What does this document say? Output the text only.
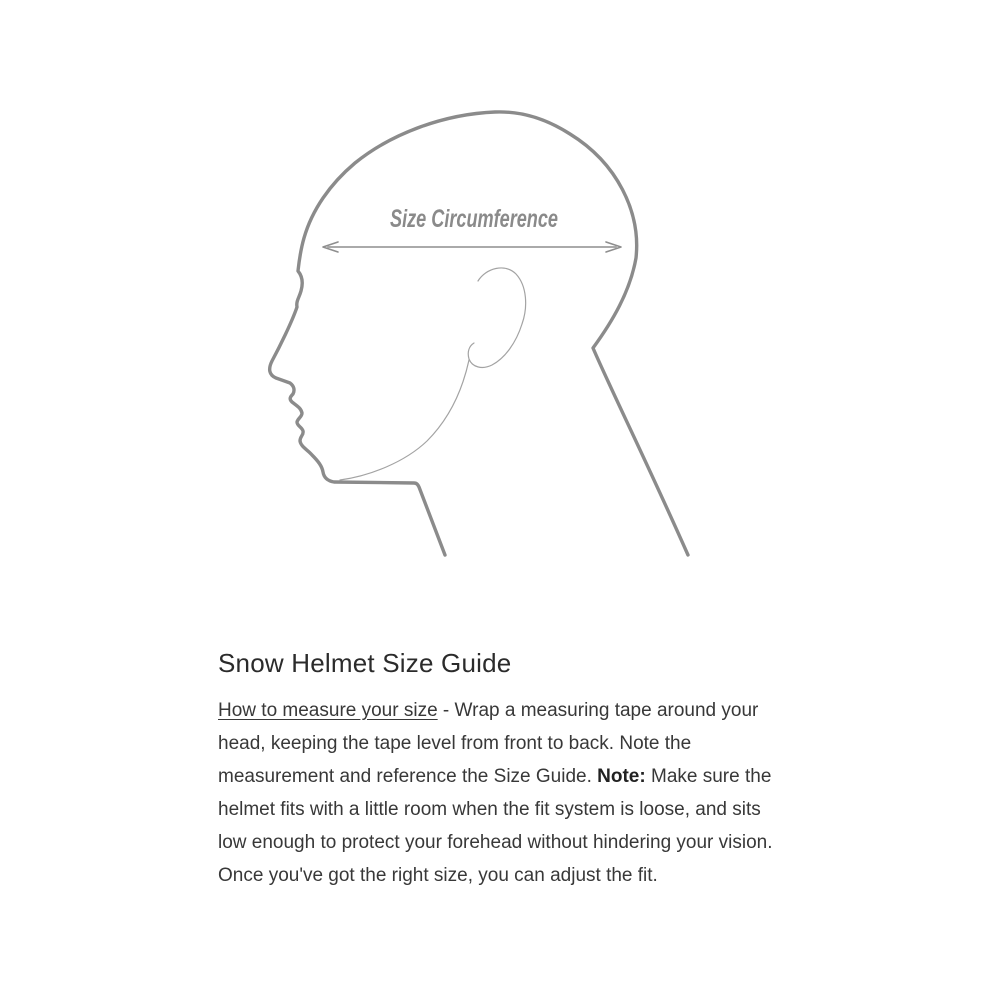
Size Circumference
Snow Helmet Size Guide
How to measure your size - Wrap a measuring tape around your
head, keeping the tape level from front to back. Note the
measurement and reference the Size Guide. Note: Make sure the
helmet fits with a little room when the fit system is loose, and sits
low enough to protect your forehead without hindering your vision.
Once you've got the right size, you can adjust the fit.
